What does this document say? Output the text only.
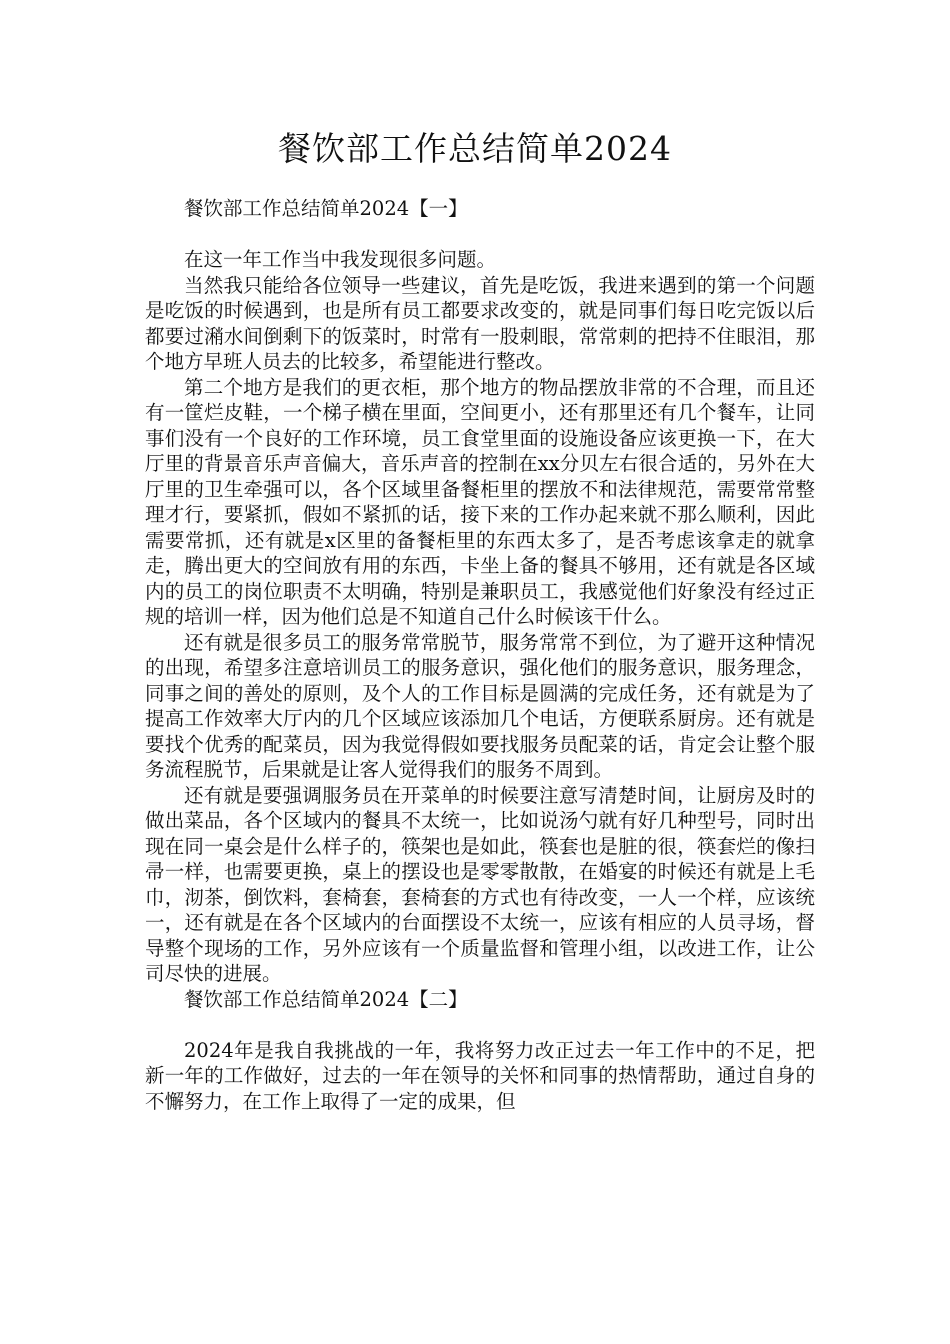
餐饮部工作总结简单2024

餐饮部工作总结简单2024【一】

在这一年工作当中我发现很多问题。

当然我只能给各位领导一些建议，首先是吃饭，我进来遇到的第一个问题是吃饭的时候遇到，也是所有员工都要求改变的，就是同事们每日吃完饭以后都要过潲水间倒剩下的饭菜时，时常有一股刺眼，常常刺的把持不住眼泪，那个地方早班人员去的比较多，希望能进行整改。

第二个地方是我们的更衣柜，那个地方的物品摆放非常的不合理，而且还有一筐烂皮鞋，一个梯子横在里面，空间更小，还有那里还有几个餐车，让同事们没有一个良好的工作环境，员工食堂里面的设施设备应该更换一下，在大厅里的背景音乐声音偏大，音乐声音的控制在xx分贝左右很合适的，另外在大厅里的卫生牵强可以，各个区域里备餐柜里的摆放不和法律规范，需要常常整理才行，要紧抓，假如不紧抓的话，接下来的工作办起来就不那么顺利，因此需要常抓，还有就是x区里的备餐柜里的东西太多了，是否考虑该拿走的就拿走，腾出更大的空间放有用的东西，卡坐上备的餐具不够用，还有就是各区域内的员工的岗位职责不太明确，特别是兼职员工，我感觉他们好象没有经过正规的培训一样，因为他们总是不知道自己什么时候该干什么。

还有就是很多员工的服务常常脱节，服务常常不到位，为了避开这种情况的出现，希望多注意培训员工的服务意识，强化他们的服务意识，服务理念，同事之间的善处的原则，及个人的工作目标是圆满的完成任务，还有就是为了提高工作效率大厅内的几个区域应该添加几个电话，方便联系厨房。还有就是要找个优秀的配菜员，因为我觉得假如要找服务员配菜的话，肯定会让整个服务流程脱节，后果就是让客人觉得我们的服务不周到。

还有就是要强调服务员在开菜单的时候要注意写清楚时间，让厨房及时的做出菜品，各个区域内的餐具不太统一，比如说汤勺就有好几种型号，同时出现在同一桌会是什么样子的，筷架也是如此，筷套也是脏的很，筷套烂的像扫帚一样，也需要更换，桌上的摆设也是零零散散，在婚宴的时候还有就是上毛巾，沏茶，倒饮料，套椅套，套椅套的方式也有待改变，一人一个样，应该统一，还有就是在各个区域内的台面摆设不太统一，应该有相应的人员寻场，督导整个现场的工作，另外应该有一个质量监督和管理小组，以改进工作，让公司尽快的进展。

餐饮部工作总结简单2024【二】

2024年是我自我挑战的一年，我将努力改正过去一年工作中的不足，把新一年的工作做好，过去的一年在领导的关怀和同事的热情帮助，通过自身的不懈努力，在工作上取得了一定的成果，但
